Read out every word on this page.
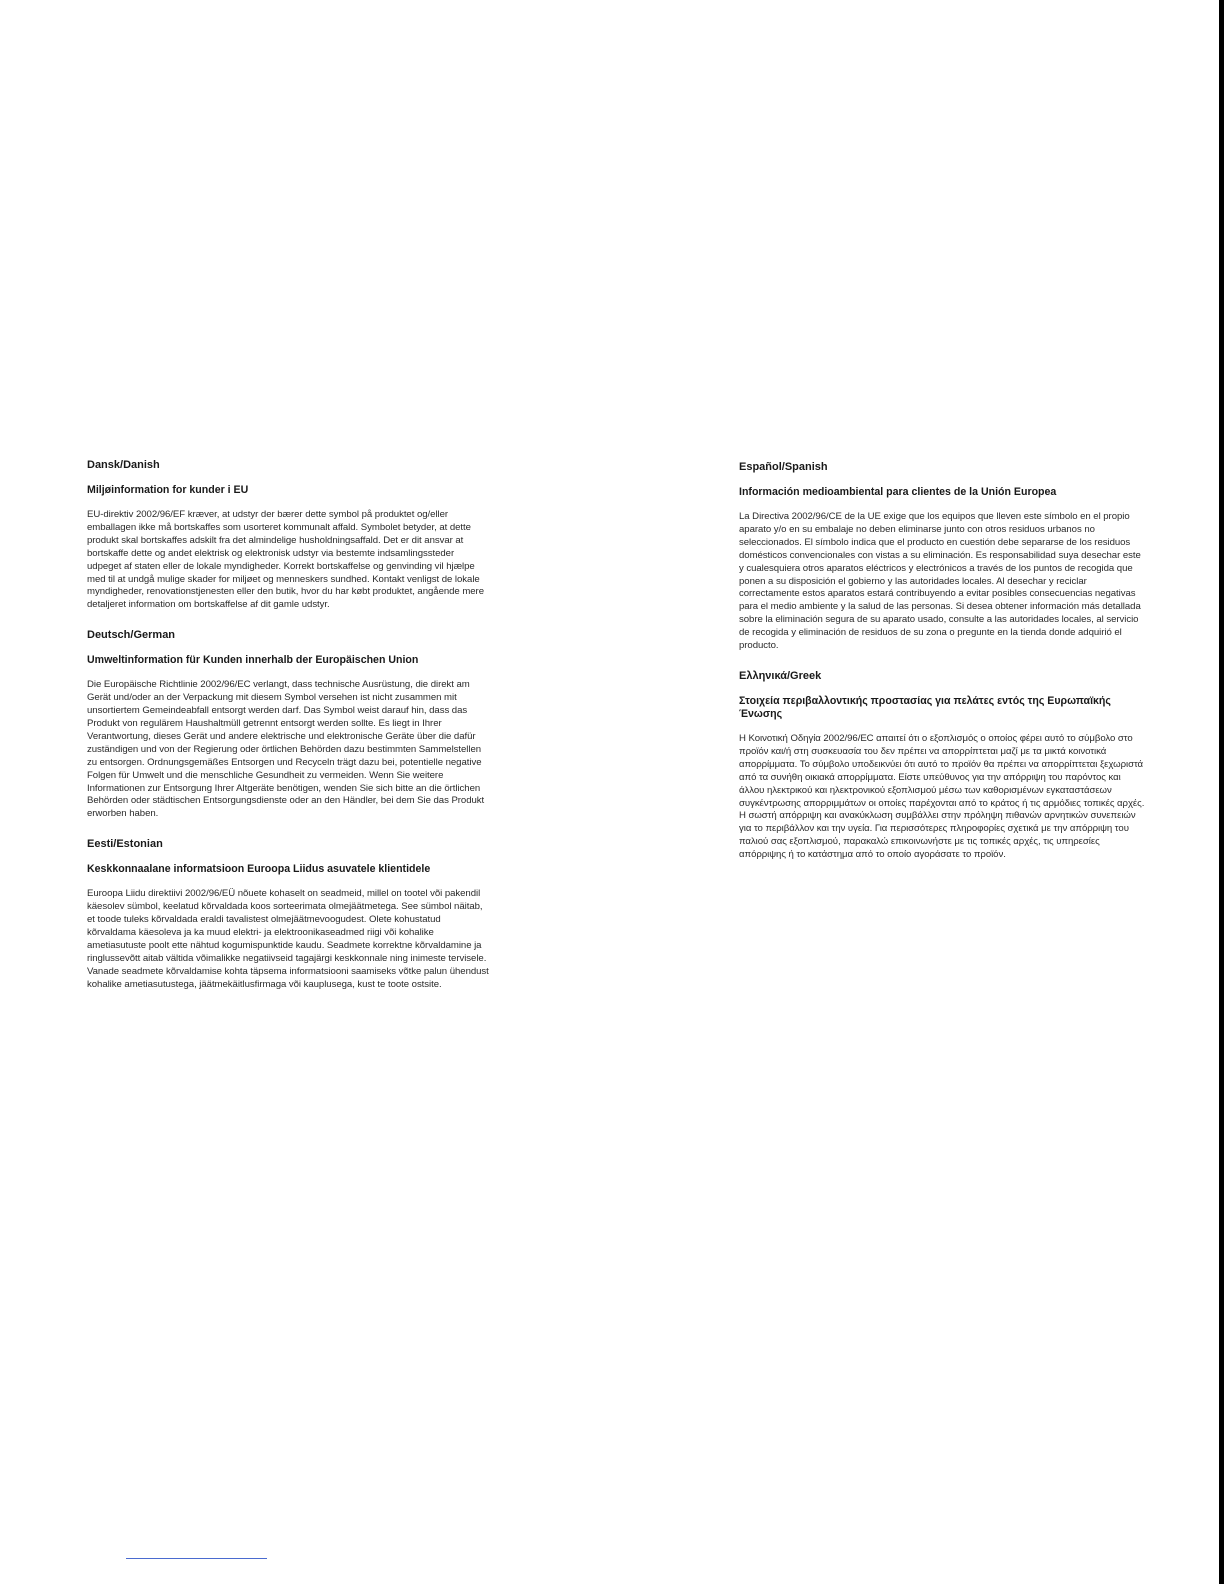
Dansk/Danish
Miljøinformation for kunder i EU

EU-direktiv 2002/96/EF kræver, at udstyr der bærer dette symbol på produktet og/eller emballagen ikke må bortskaffes som usorteret kommunalt affald. Symbolet betyder, at dette produkt skal bortskaffes adskilt fra det almindelige husholdningsaffald. Det er dit ansvar at bortskaffe dette og andet elektrisk og elektronisk udstyr via bestemte indsamlingssteder udpeget af staten eller de lokale myndigheder. Korrekt bortskaffelse og genvinding vil hjælpe med til at undgå mulige skader for miljøet og menneskers sundhed. Kontakt venligst de lokale myndigheder, renovationstjenesten eller den butik, hvor du har købt produktet, angående mere detaljeret information om bortskaffelse af dit gamle udstyr.

Deutsch/German
Umweltinformation für Kunden innerhalb der Europäischen Union

Die Europäische Richtlinie 2002/96/EC verlangt, dass technische Ausrüstung, die direkt am Gerät und/oder an der Verpackung mit diesem Symbol versehen ist nicht zusammen mit unsortiertem Gemeindeabfall entsorgt werden darf. Das Symbol weist darauf hin, dass das Produkt von regulärem Haushaltmüll getrennt entsorgt werden sollte. Es liegt in Ihrer Verantwortung, dieses Gerät und andere elektrische und elektronische Geräte über die dafür zuständigen und von der Regierung oder örtlichen Behörden dazu bestimmten Sammelstellen zu entsorgen. Ordnungsgemäßes Entsorgen und Recyceln trägt dazu bei, potentielle negative Folgen für Umwelt und die menschliche Gesundheit zu vermeiden. Wenn Sie weitere Informationen zur Entsorgung Ihrer Altgeräte benötigen, wenden Sie sich bitte an die örtlichen Behörden oder städtischen Entsorgungsdienste oder an den Händler, bei dem Sie das Produkt erworben haben.

Eesti/Estonian
Keskkonnaalane informatsioon Euroopa Liidus asuvatele klientidele

Euroopa Liidu direktiivi 2002/96/EÜ nõuete kohaselt on seadmeid, millel on tootel või pakendil käesolev sümbol, keelatud kõrvaldada koos sorteerimata olmejäätmetega. See sümbol näitab, et toode tuleks kõrvaldada eraldi tavalistest olmejäätmevoogudest. Olete kohustatud kõrvaldama käesoleva ja ka muud elektri- ja elektroonikaseadmed riigi või kohalike ametiasutuste poolt ette nähtud kogumispunktide kaudu. Seadmete korrektne kõrvaldamine ja ringlussevõtt aitab vältida võimalikke negatiivseid tagajärgi keskkonnale ning inimeste tervisele. Vanade seadmete kõrvaldamise kohta täpsema informatsiooni saamiseks võtke palun ühendust kohalike ametiasutustega, jäätmekäitlusfirmaga või kauplusega, kust te toote ostsite.

Español/Spanish
Información medioambiental para clientes de la Unión Europea

La Directiva 2002/96/CE de la UE exige que los equipos que lleven este símbolo en el propio aparato y/o en su embalaje no deben eliminarse junto con otros residuos urbanos no seleccionados. El símbolo indica que el producto en cuestión debe separarse de los residuos domésticos convencionales con vistas a su eliminación. Es responsabilidad suya desechar este y cualesquiera otros aparatos eléctricos y electrónicos a través de los puntos de recogida que ponen a su disposición el gobierno y las autoridades locales. Al desechar y reciclar correctamente estos aparatos estará contribuyendo a evitar posibles consecuencias negativas para el medio ambiente y la salud de las personas. Si desea obtener información más detallada sobre la eliminación segura de su aparato usado, consulte a las autoridades locales, al servicio de recogida y eliminación de residuos de su zona o pregunte en la tienda donde adquirió el producto.

Ελληνικά/Greek
Στοιχεία περιβαλλοντικής προστασίας για πελάτες εντός της Ευρωπαϊκής Ένωσης

Η Κοινοτική Οδηγία 2002/96/EC απαιτεί ότι ο εξοπλισμός ο οποίος φέρει αυτό το σύμβολο στο προϊόν και/ή στη συσκευασία του δεν πρέπει να απορρίπτεται μαζί με τα μικτά κοινοτικά απορρίμματα. Το σύμβολο υποδεικνύει ότι αυτό το προϊόν θα πρέπει να απορρίπτεται ξεχωριστά από τα συνήθη οικιακά απορρίμματα. Είστε υπεύθυνος για την απόρριψη του παρόντος και άλλου ηλεκτρικού και ηλεκτρονικού εξοπλισμού μέσω των καθορισμένων εγκαταστάσεων συγκέντρωσης απορριμμάτων οι οποίες παρέχονται από το κράτος ή τις αρμόδιες τοπικές αρχές. Η σωστή απόρριψη και ανακύκλωση συμβάλλει στην πρόληψη πιθανών αρνητικών συνεπειών για το περιβάλλον και την υγεία. Για περισσότερες πληροφορίες σχετικά με την απόρριψη του παλιού σας εξοπλισμού, παρακαλώ επικοινωνήστε με τις τοπικές αρχές, τις υπηρεσίες απόρριψης ή το κατάστημα από το οποίο αγοράσατε το προϊόν.
